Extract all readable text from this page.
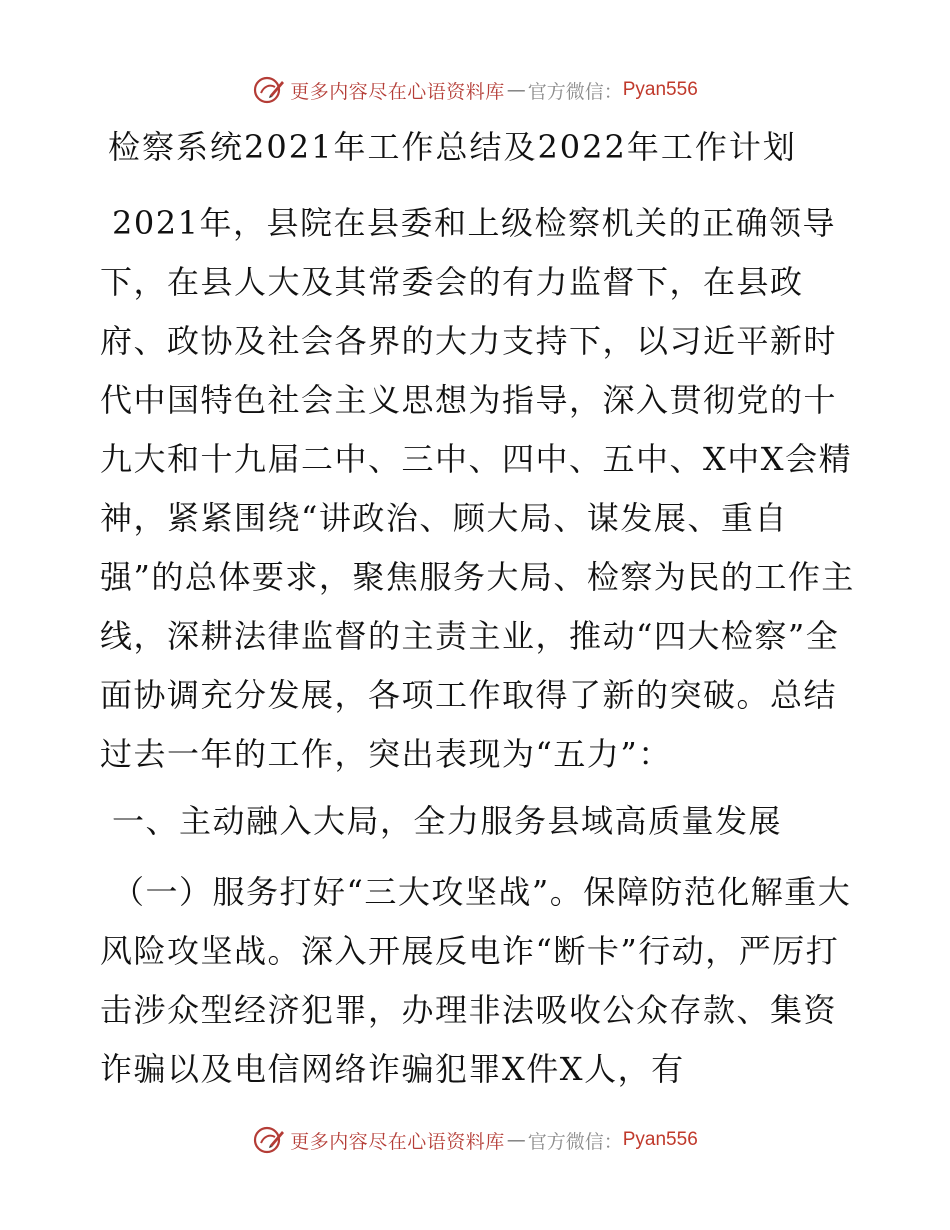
更多内容尽在心语资料库 — 官方微信： Pyan556
检察系统2021年工作总结及2022年工作计划
2021年，县院在县委和上级检察机关的正确领导下，在县人大及其常委会的有力监督下，在县政府、政协及社会各界的大力支持下，以习近平新时代中国特色社会主义思想为指导，深入贯彻党的十九大和十九届二中、三中、四中、五中、X中X会精神，紧紧围绕“讲政治、顾大局、谋发展、重自强”的总体要求，聚焦服务大局、检察为民的工作主线，深耕法律监督的主责主业，推动“四大检察”全面协调充分发展，各项工作取得了新的突破。总结过去一年的工作，突出表现为“五力”：
一、主动融入大局，全力服务县域高质量发展
（一）服务打好“三大攻坚战”。保障防范化解重大风险攻坚战。深入开展反电诈“断卡”行动，严厉打击涉众型经济犯罪，办理非法吸收公众存款、集资诈骗以及电信网络诈骗犯罪X件X人，有
更多内容尽在心语资料库 — 官方微信： Pyan556
